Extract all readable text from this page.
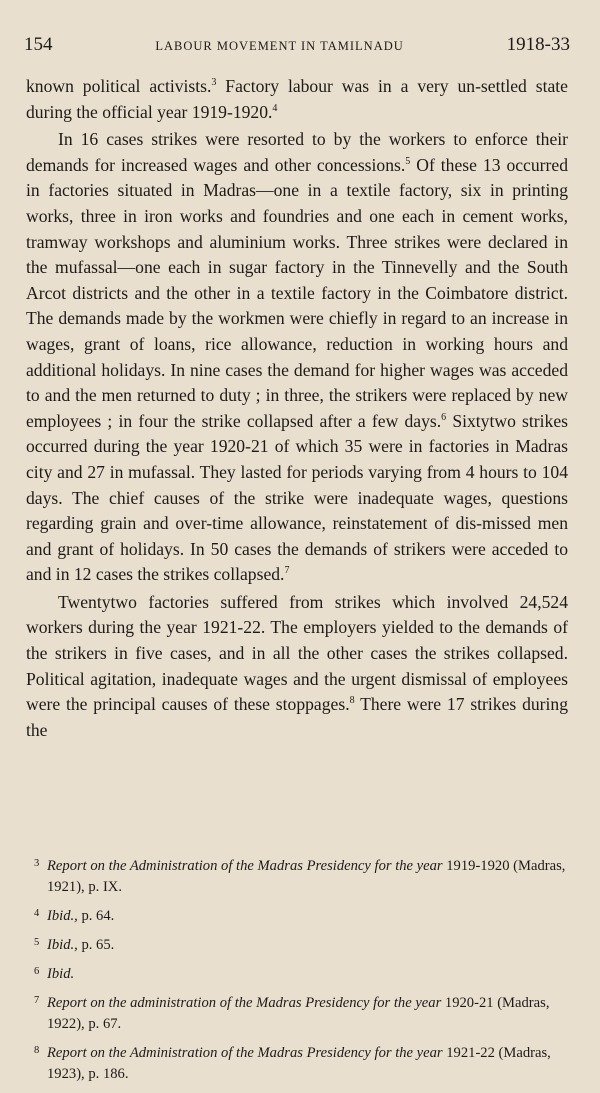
154	LABOUR MOVEMENT IN TAMILNADU	1918-33

known political activists.$^3$ Factory labour was in a very un-settled state during the official year 1919-1920.$^4$

In 16 cases strikes were resorted to by the workers to enforce their demands for increased wages and other concessions.$^5$ Of these 13 occurred in factories situated in Madras—one in a textile factory, six in printing works, three in iron works and foundries and one each in cement works, tramway workshops and aluminium works. Three strikes were declared in the mufassal—one each in sugar factory in the Tinnevelly and the South Arcot districts and the other in a textile factory in the Coimbatore district. The demands made by the workmen were chiefly in regard to an increase in wages, grant of loans, rice allowance, reduction in working hours and additional holidays. In nine cases the demand for higher wages was acceded to and the men returned to duty ; in three, the strikers were replaced by new employees ; in four the strike collapsed after a few days.$^6$ Sixtytwo strikes occurred during the year 1920-21 of which 35 were in factories in Madras city and 27 in mufassal. They lasted for periods varying from 4 hours to 104 days. The chief causes of the strike were inadequate wages, questions regarding grain and over-time allowance, reinstatement of dis-missed men and grant of holidays. In 50 cases the demands of strikers were acceded to and in 12 cases the strikes collapsed.$^7$

Twentytwo factories suffered from strikes which involved 24,524 workers during the year 1921-22. The employers yielded to the demands of the strikers in five cases, and in all the other cases the strikes collapsed. Political agitation, inadequate wages and the urgent dismissal of employees were the principal causes of these stoppages.$^8$ There were 17 strikes during the

3 Report on the Administration of the Madras Presidency for the year 1919-1920 (Madras, 1921), p. IX.

4 Ibid., p. 64.

5 Ibid., p. 65.

6 Ibid.

7 Report on the administration of the Madras Presidency for the year 1920-21 (Madras, 1922), p. 67.

8 Report on the Administration of the Madras Presidency for the year 1921-22 (Madras, 1923), p. 186.
